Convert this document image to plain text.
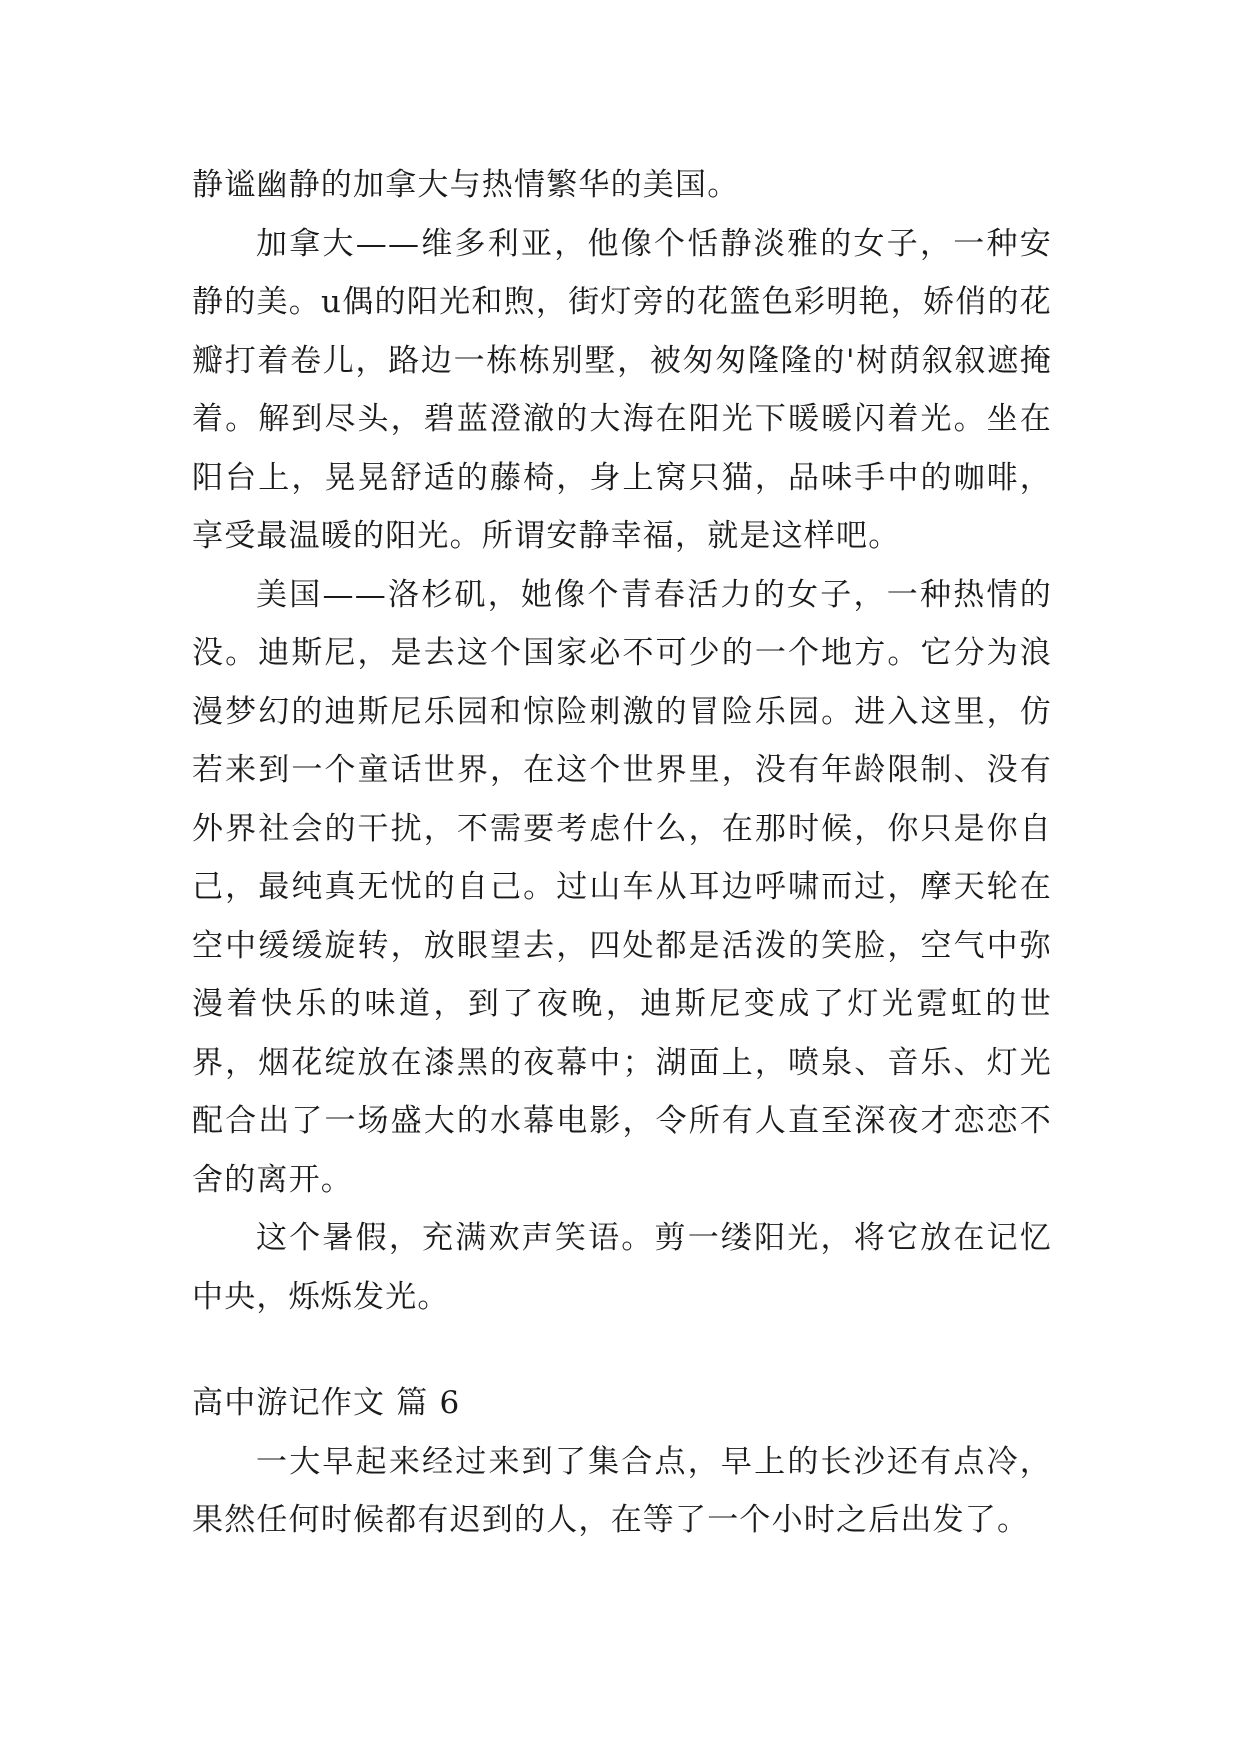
静谧幽静的加拿大与热情繁华的美国。

加拿大——维多利亚，他像个恬静淡雅的女子，一种安静的美。u偶的阳光和煦，街灯旁的花篮色彩明艳，娇俏的花瓣打着卷儿，路边一栋栋别墅，被匆匆隆隆的'树荫叙叙遮掩着。解到尽头，碧蓝澄澈的大海在阳光下暖暖闪着光。坐在阳台上，晃晃舒适的藤椅，身上窝只猫，品味手中的咖啡，享受最温暖的阳光。所谓安静幸福，就是这样吧。

美国——洛杉矶，她像个青春活力的女子，一种热情的没。迪斯尼，是去这个国家必不可少的一个地方。它分为浪漫梦幻的迪斯尼乐园和惊险刺激的冒险乐园。进入这里，仿若来到一个童话世界，在这个世界里，没有年龄限制、没有外界社会的干扰，不需要考虑什么，在那时候，你只是你自己，最纯真无忧的自己。过山车从耳边呼啸而过，摩天轮在空中缓缓旋转，放眼望去，四处都是活泼的笑脸，空气中弥漫着快乐的味道，到了夜晚，迪斯尼变成了灯光霓虹的世界，烟花绽放在漆黑的夜幕中；湖面上，喷泉、音乐、灯光配合出了一场盛大的水幕电影，令所有人直至深夜才恋恋不舍的离开。

这个暑假，充满欢声笑语。剪一缕阳光，将它放在记忆中央，烁烁发光。

高中游记作文 篇 6

一大早起来经过来到了集合点，早上的长沙还有点冷，果然任何时候都有迟到的人，在等了一个小时之后出发了。
